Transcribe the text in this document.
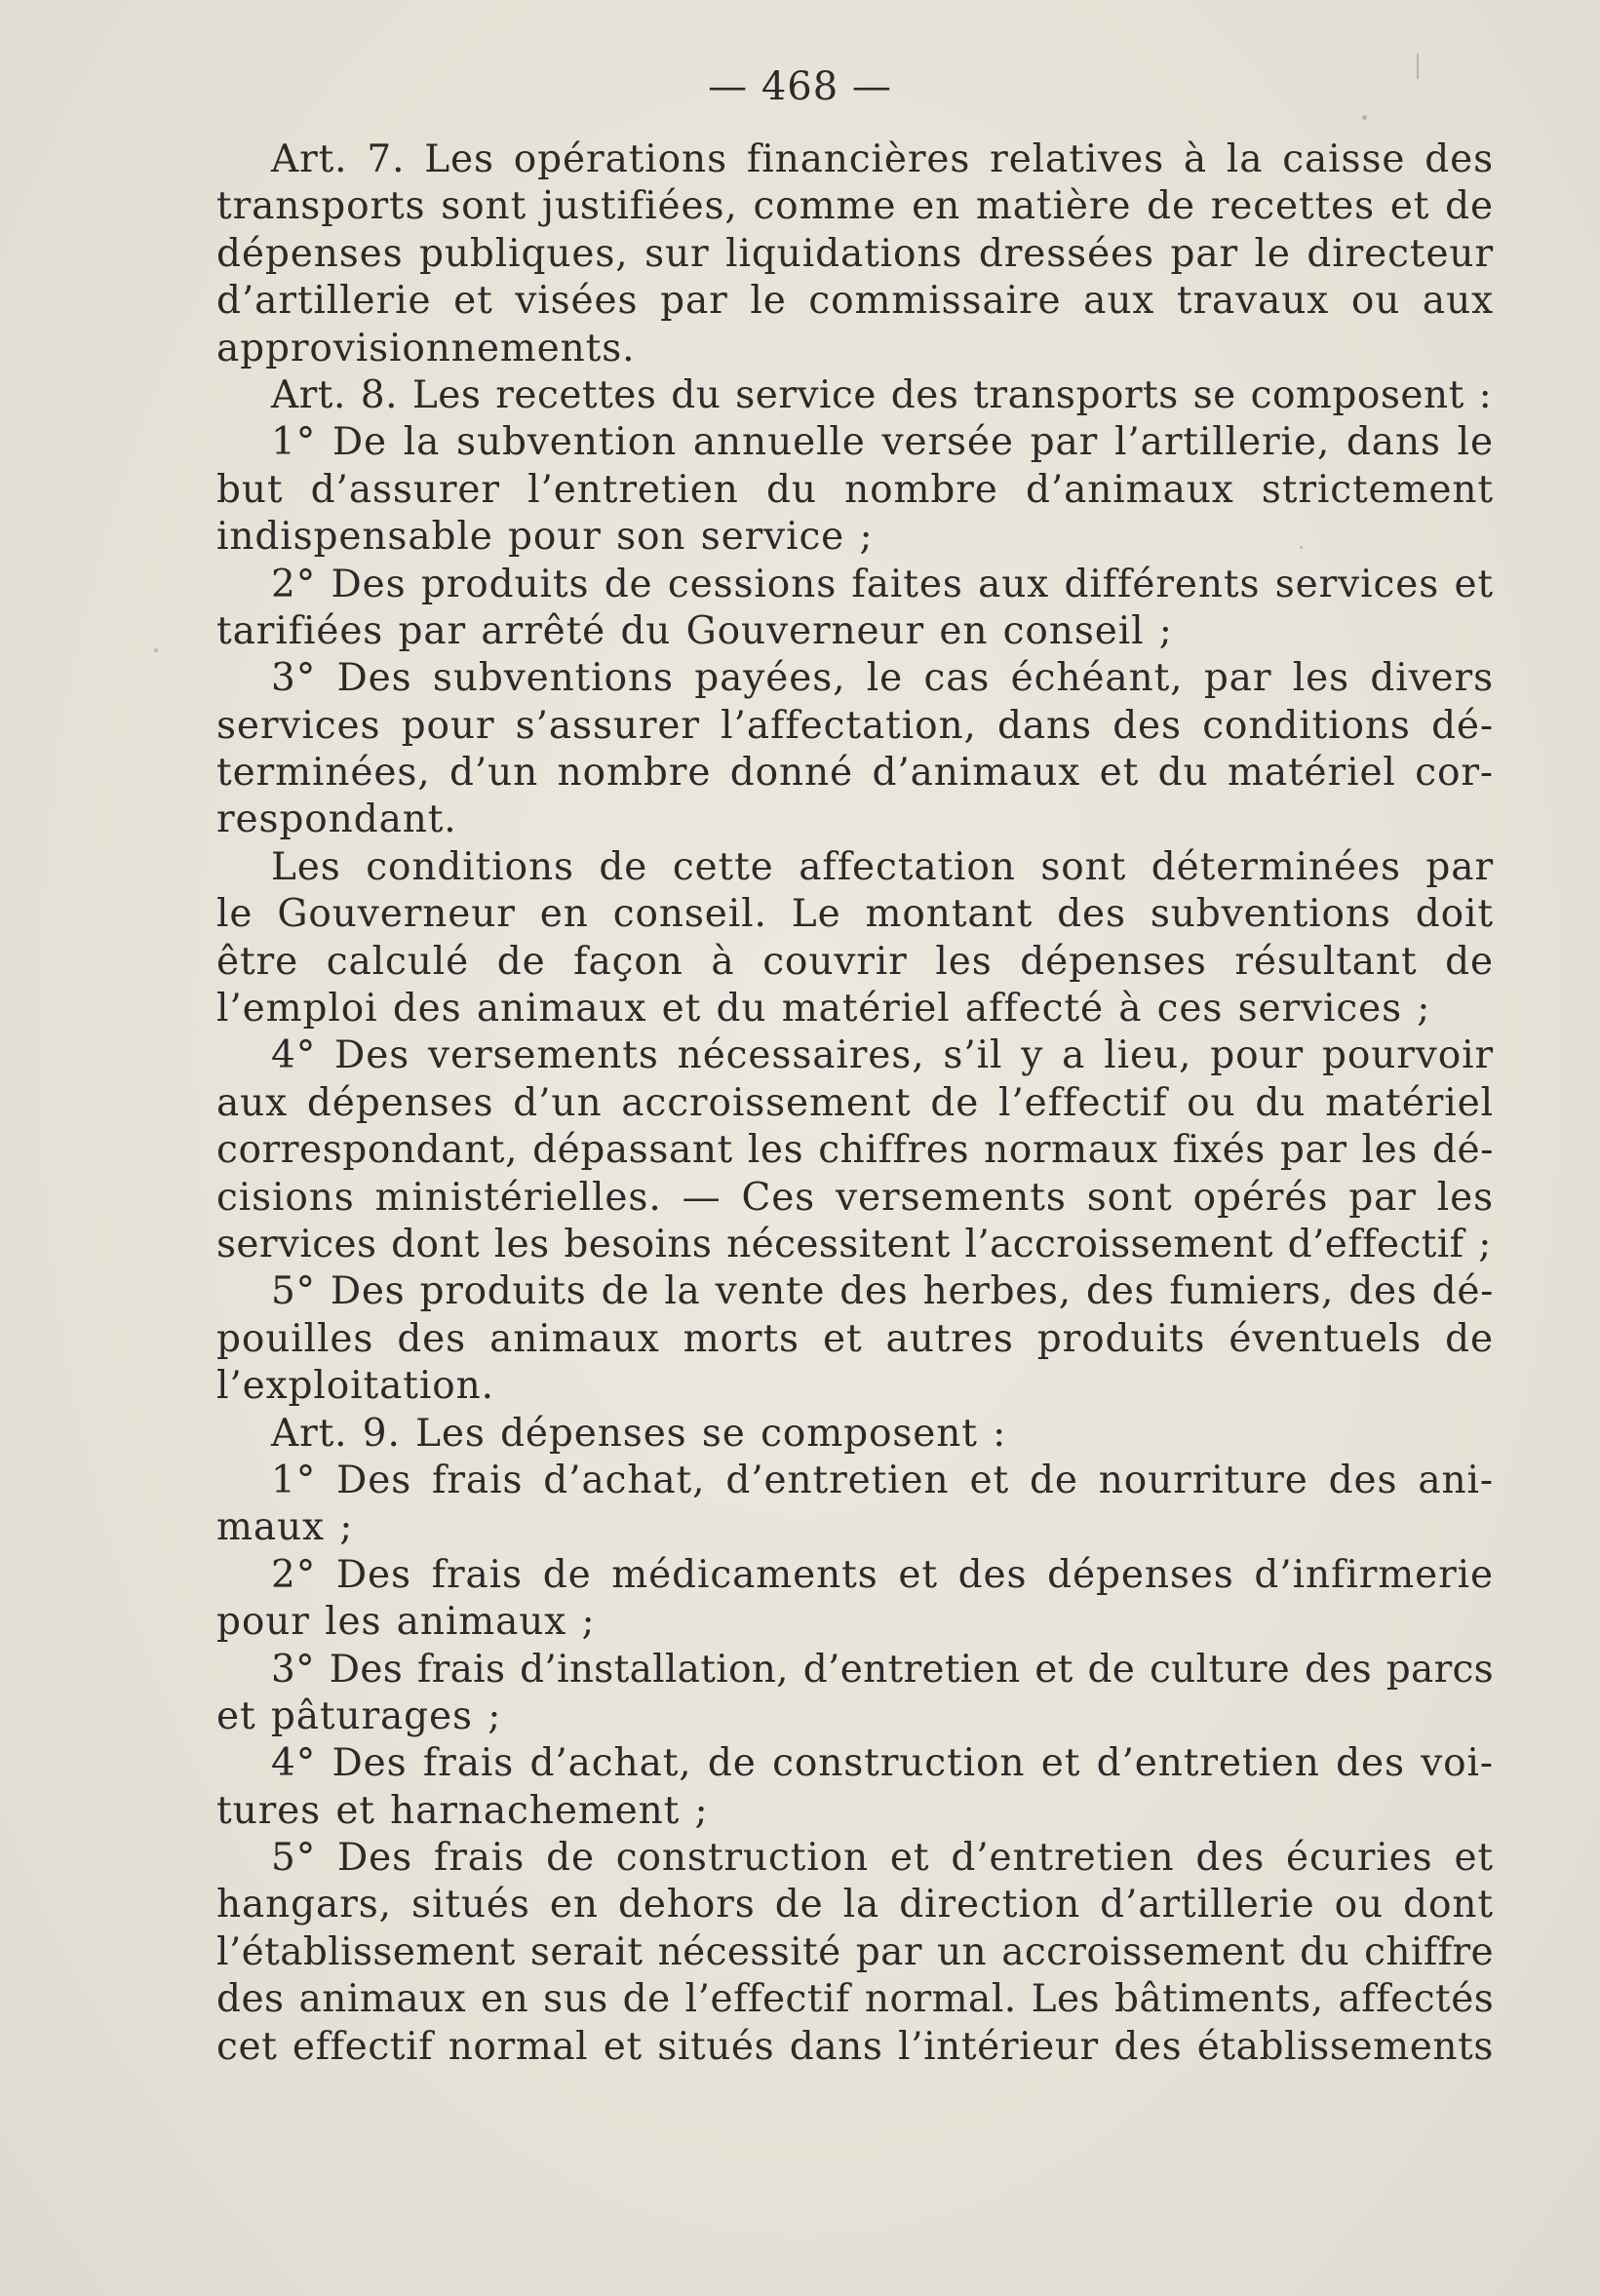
— 468 —
Art. 7. Les opérations financières relatives à la caisse des
transports sont justifiées, comme en matière de recettes et de
dépenses publiques, sur liquidations dressées par le directeur
d’artillerie et visées par le commissaire aux travaux ou aux
approvisionnements.
Art. 8. Les recettes du service des transports se composent :
1° De la subvention annuelle versée par l’artillerie, dans le
but d’assurer l’entretien du nombre d’animaux strictement
indispensable pour son service ;
2° Des produits de cessions faites aux différents services et
tarifiées par arrêté du Gouverneur en conseil ;
3° Des subventions payées, le cas échéant, par les divers
services pour s’assurer l’affectation, dans des conditions dé-
terminées, d’un nombre donné d’animaux et du matériel cor-
respondant.
Les conditions de cette affectation sont déterminées par
le Gouverneur en conseil. Le montant des subventions doit
être calculé de façon à couvrir les dépenses résultant de
l’emploi des animaux et du matériel affecté à ces services ;
4° Des versements nécessaires, s’il y a lieu, pour pourvoir
aux dépenses d’un accroissement de l’effectif ou du matériel
correspondant, dépassant les chiffres normaux fixés par les dé-
cisions ministérielles. — Ces versements sont opérés par les
services dont les besoins nécessitent l’accroissement d’effectif ;
5° Des produits de la vente des herbes, des fumiers, des dé-
pouilles des animaux morts et autres produits éventuels de
l’exploitation.
Art. 9. Les dépenses se composent :
1° Des frais d’achat, d’entretien et de nourriture des ani-
maux ;
2° Des frais de médicaments et des dépenses d’infirmerie
pour les animaux ;
3° Des frais d’installation, d’entretien et de culture des parcs
et pâturages ;
4° Des frais d’achat, de construction et d’entretien des voi-
tures et harnachement ;
5° Des frais de construction et d’entretien des écuries et
hangars, situés en dehors de la direction d’artillerie ou dont
l’établissement serait nécessité par un accroissement du chiffre
des animaux en sus de l’effectif normal. Les bâtiments, affectés
cet effectif normal et situés dans l’intérieur des établissements
